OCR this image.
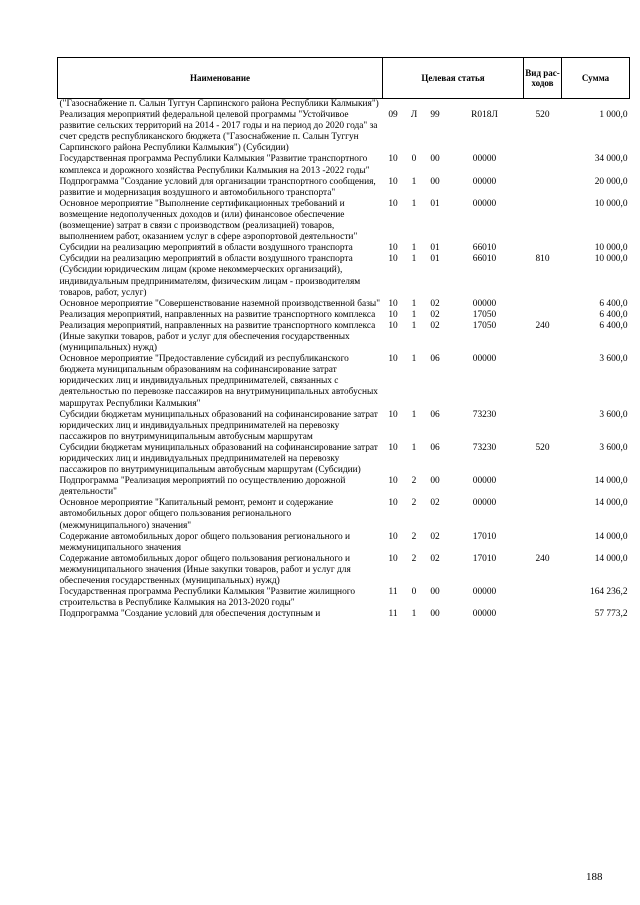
Наименование	Целевая статья				Вид рас-ходов	Сумма
("Газоснабжение п. Салын Туггун Сарпинского района Республики Калмыкия")						
Реализация мероприятий федеральной целевой программы "Устойчивое развитие сельских территорий на 2014 - 2017 годы и на период до 2020 года" за счет средств республиканского бюджета ("Газоснабжение п. Салын Туггун Сарпинского района Республики Калмыкия") (Субсидии)	09	Л	99	R018Л	520	1 000,0
Государственная программа Республики Калмыкия "Развитие транспортного комплекса и дорожного хозяйства Республики Калмыкия на 2013 -2022 годы"	10	0	00	00000		34 000,0
Подпрограмма "Создание условий для организации транспортного сообщения, развитие и модернизация воздушного и автомобильного транспорта"	10	1	00	00000		20 000,0
Основное мероприятие "Выполнение сертификационных требований и возмещение недополученных доходов и (или) финансовое обеспечение (возмещение) затрат в связи с производством (реализацией) товаров, выполнением работ, оказанием услуг в сфере аэропортовой деятельности"	10	1	01	00000		10 000,0
Субсидии на реализацию мероприятий в области воздушного транспорта	10	1	01	66010		10 000,0
Субсидии на реализацию мероприятий в области воздушного транспорта (Субсидии юридическим лицам (кроме некоммерческих организаций), индивидуальным предпринимателям, физическим лицам - производителям товаров, работ, услуг)	10	1	01	66010	810	10 000,0
Основное мероприятие "Совершенствование наземной производственной базы"	10	1	02	00000		6 400,0
Реализация мероприятий, направленных на развитие транспортного комплекса	10	1	02	17050		6 400,0
Реализация мероприятий, направленных на развитие транспортного комплекса (Иные закупки товаров, работ и услуг для обеспечения государственных (муниципальных) нужд)	10	1	02	17050	240	6 400,0
Основное мероприятие "Предоставление субсидий из республиканского бюджета муниципальным образованиям на софинансирование затрат юридических лиц и индивидуальных предпринимателей, связанных с деятельностью по перевозке пассажиров на внутримуниципальных автобусных маршрутах Республики Калмыкия"	10	1	06	00000		3 600,0
Субсидии бюджетам муниципальных образований на софинансирование затрат юридических лиц и индивидуальных предпринимателей на перевозку пассажиров по внутримуниципальным автобусным маршрутам	10	1	06	73230		3 600,0
Субсидии бюджетам муниципальных образований на софинансирование затрат юридических лиц и индивидуальных предпринимателей на перевозку пассажиров по внутримуниципальным автобусным маршрутам (Субсидии)	10	1	06	73230	520	3 600,0
Подпрограмма "Реализация мероприятий по осуществлению дорожной деятельности"	10	2	00	00000		14 000,0
Основное мероприятие "Капитальный ремонт, ремонт и содержание автомобильных дорог общего пользования регионального (межмуниципального) значения"	10	2	02	00000		14 000,0
Содержание автомобильных дорог общего пользования регионального и межмуниципального значения	10	2	02	17010		14 000,0
Содержание автомобильных дорог общего пользования регионального и межмуниципального значения (Иные закупки товаров, работ и услуг для обеспечения государственных (муниципальных) нужд)	10	2	02	17010	240	14 000,0
Государственная программа Республики Калмыкия "Развитие жилищного строительства в Республике Калмыкия на 2013-2020 годы"	11	0	00	00000		164 236,2
Подпрограмма "Создание условий для обеспечения доступным и	11	1	00	00000		57 773,2
188
